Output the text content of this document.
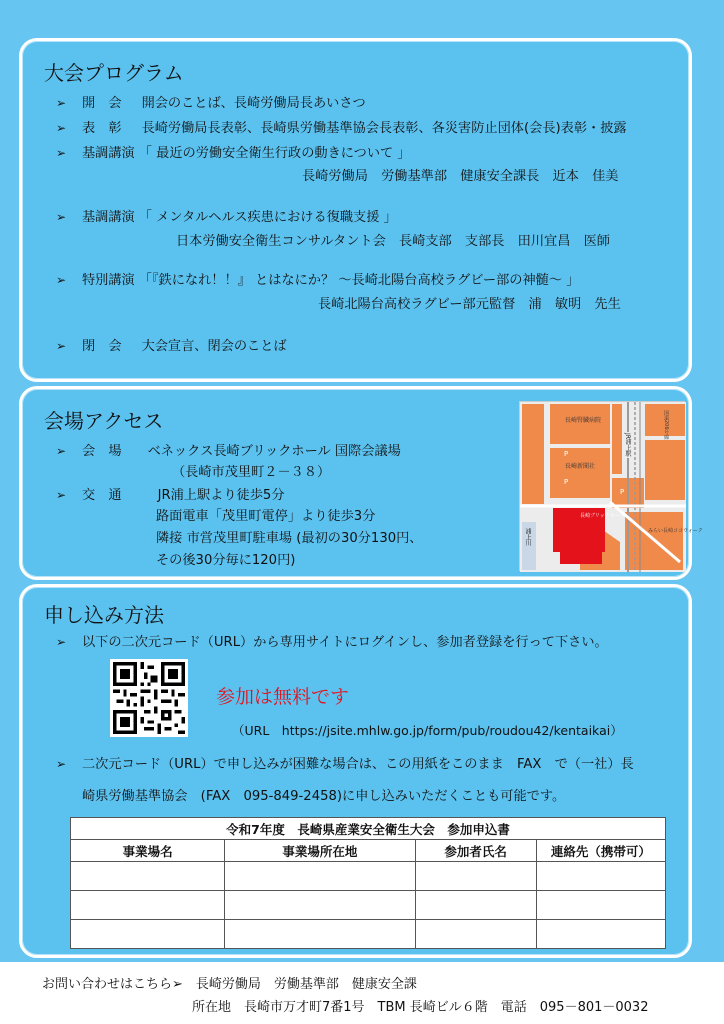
大会プログラム
➢ 開　会 開会のことば、長崎労働局長あいさつ
➢ 表　彰 長崎労働局長表彰、長崎県労働基準協会長表彰、各災害防止団体(会長)表彰・披露
➢ 基調講演 「 最近の労働安全衛生行政の動きについて 」
長崎労働局　労働基準部　健康安全課長　近本　佳美
➢ 基調講演 「 メンタルヘルス疾患における復職支援 」
日本労働安全衛生コンサルタント会　長崎支部　支部長　田川宜昌　医師
➢ 特別講演 「『鉄になれ！！』 とはなにか？ ～長崎北陽台高校ラグビー部の神髄～ 」
長崎北陽台高校ラグビー部元監督　浦　敏明　先生
➢ 閉　会 大会宣言、閉会のことば
会場アクセス
➢ 会　場 ベネックス長崎ブリックホール 国際会議場
（長崎市茂里町２－３８）
➢ 交　通	JR浦上駅より徒歩5分
路面電車「茂里町電停」より徒歩3分
隣接 市営茂里町駐車場 (最初の30分130円、
その後30分毎に120円)
長崎腎臓病院
長崎ブリックホール
みらい長崎ココウォーク
長崎新聞社
JR浦上駅
浦上川
国道206号線
P
P
P
申し込み方法
➢ 以下の二次元コード（URL）から専用サイトにログインし、参加者登録を行って下さい。
参加は無料です
（URL　https://jsite.mhlw.go.jp/form/pub/roudou42/kentaikai）
➢ 二次元コード（URL）で申し込みが困難な場合は、この用紙をこのまま　FAX　で（一社）長
崎県労働基準協会　(FAX　095-849-2458)に申し込みいただくことも可能です。
令和7年度　長崎県産業安全衛生大会　参加申込書			
事業場名	事業場所在地	参加者氏名	連絡先（携帯可）

お問い合わせはこちら➢　長崎労働局　労働基準部　健康安全課
所在地　長崎市万才町7番1号　TBM 長崎ビル６階　電話　095－801－0032
